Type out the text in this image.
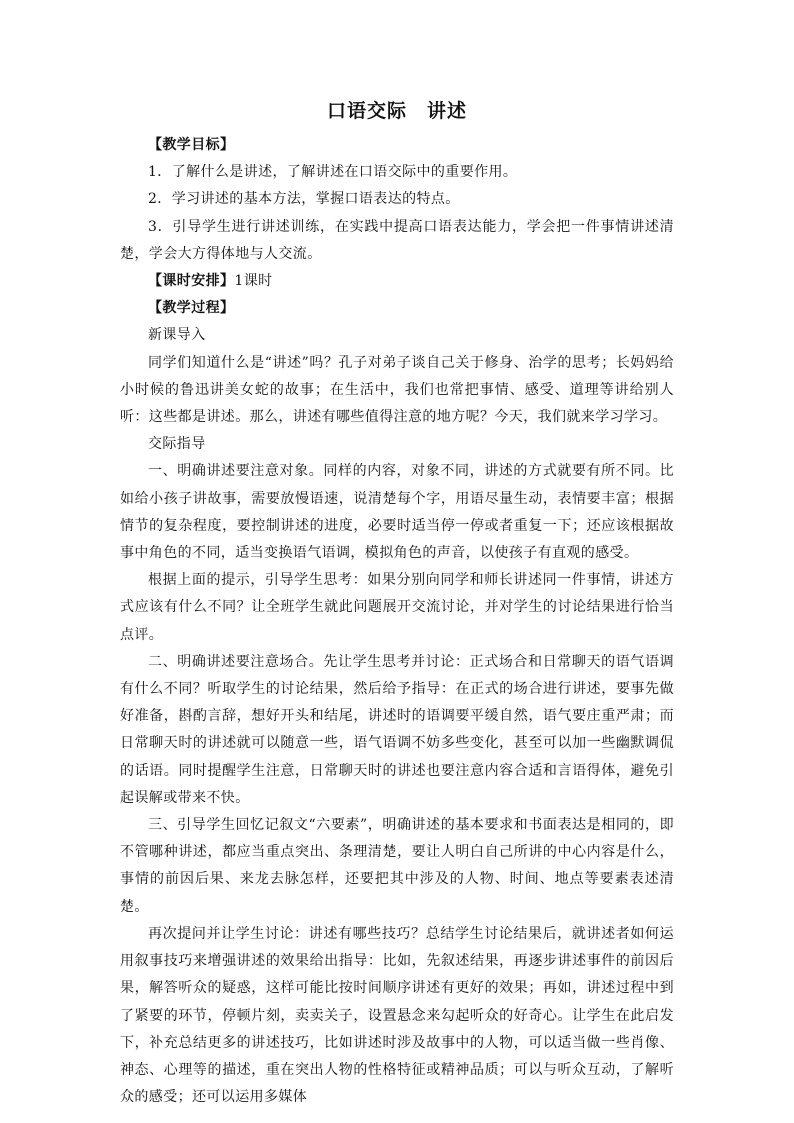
口语交际　讲述

【教学目标】

1．了解什么是讲述，了解讲述在口语交际中的重要作用。

2．学习讲述的基本方法，掌握口语表达的特点。

3．引导学生进行讲述训练，在实践中提高口语表达能力，学会把一件事情讲述清楚，学会大方得体地与人交流。

【课时安排】1课时

【教学过程】

新课导入

同学们知道什么是“讲述”吗？孔子对弟子谈自己关于修身、治学的思考；长妈妈给小时候的鲁迅讲美女蛇的故事；在生活中，我们也常把事情、感受、道理等讲给别人听：这些都是讲述。那么，讲述有哪些值得注意的地方呢？今天，我们就来学习学习。

交际指导

一、明确讲述要注意对象。同样的内容，对象不同，讲述的方式就要有所不同。比如给小孩子讲故事，需要放慢语速，说清楚每个字，用语尽量生动，表情要丰富；根据情节的复杂程度，要控制讲述的进度，必要时适当停一停或者重复一下；还应该根据故事中角色的不同，适当变换语气语调，模拟角色的声音，以使孩子有直观的感受。

根据上面的提示，引导学生思考：如果分别向同学和师长讲述同一件事情，讲述方式应该有什么不同？让全班学生就此问题展开交流讨论，并对学生的讨论结果进行恰当点评。

二、明确讲述要注意场合。先让学生思考并讨论：正式场合和日常聊天的语气语调有什么不同？听取学生的讨论结果，然后给予指导：在正式的场合进行讲述，要事先做好准备，斟酌言辞，想好开头和结尾，讲述时的语调要平缓自然，语气要庄重严肃；而日常聊天时的讲述就可以随意一些，语气语调不妨多些变化，甚至可以加一些幽默调侃的话语。同时提醒学生注意，日常聊天时的讲述也要注意内容合适和言语得体，避免引起误解或带来不快。

三、引导学生回忆记叙文“六要素”，明确讲述的基本要求和书面表达是相同的，即不管哪种讲述，都应当重点突出、条理清楚，要让人明白自己所讲的中心内容是什么，事情的前因后果、来龙去脉怎样，还要把其中涉及的人物、时间、地点等要素表述清楚。

再次提问并让学生讨论：讲述有哪些技巧？总结学生讨论结果后，就讲述者如何运用叙事技巧来增强讲述的效果给出指导：比如，先叙述结果，再逐步讲述事件的前因后果，解答听众的疑惑，这样可能比按时间顺序讲述有更好的效果；再如，讲述过程中到了紧要的环节，停顿片刻，卖卖关子，设置悬念来勾起听众的好奇心。让学生在此启发下，补充总结更多的讲述技巧，比如讲述时涉及故事中的人物，可以适当做一些肖像、神态、心理等的描述，重在突出人物的性格特征或精神品质；可以与听众互动，了解听众的感受；还可以运用多媒体
